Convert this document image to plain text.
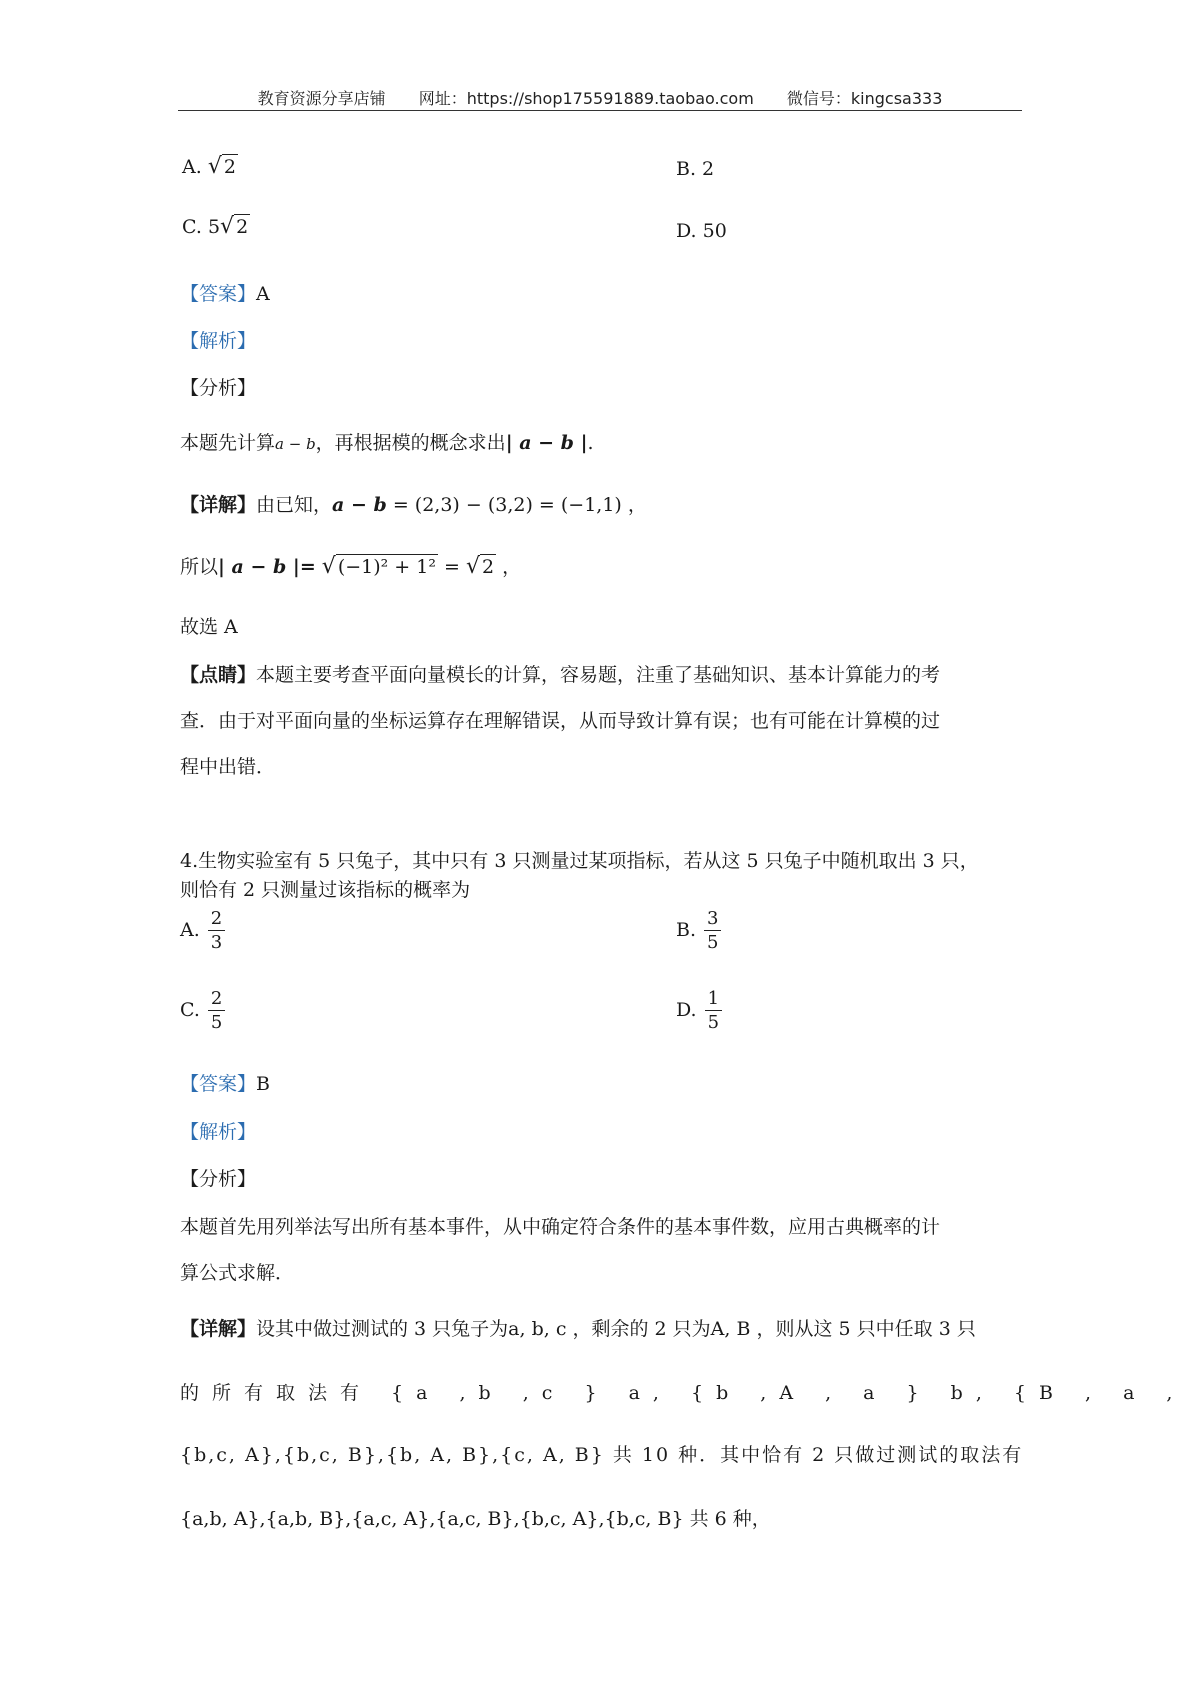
教育资源分享店铺 网址：https://shop175591889.taobao.com 微信号：kingcsa333
A. √ 2	B. 2
C. 5√ 2	D. 50
【答案】A
【解析】
【分析】
本题先计算a − b，再根据模的概念求出| a − b |.
【详解】由已知，a − b = (2,3) − (3,2) = (−1,1) ，
所以| a − b |= √ (−1)² + 1² = √ 2 ，
故选 A
【点睛】本题主要考查平面向量模长的计算，容易题，注重了基础知识、基本计算能力的考
查．由于对平面向量的坐标运算存在理解错误，从而导致计算有误；也有可能在计算模的过
程中出错．
4.生物实验室有 5 只兔子，其中只有 3 只测量过某项指标，若从这 5 只兔子中随机取出 3 只，
则恰有 2 只测量过该指标的概率为
A. $\frac{2}{3}$	B. $\frac{3}{5}$
C. $\frac{2}{5}$	D. $\frac{1}{5}$
【答案】B
【解析】
【分析】
本题首先用列举法写出所有基本事件，从中确定符合条件的基本事件数，应用古典概率的计
算公式求解．
【详解】设其中做过测试的 3 只兔子为a, b, c ，剩余的 2 只为A, B ，则从这 5 只中任取 3 只
的所有取法有 {a ,b ,c } a, {b ,A , a } b, {B , a ,
{b,c, A},{b,c, B},{b, A, B},{c, A, B} 共 10 种．其中恰有 2 只做过测试的取法有
{a,b, A},{a,b, B},{a,c, A},{a,c, B},{b,c, A},{b,c, B} 共 6 种，
